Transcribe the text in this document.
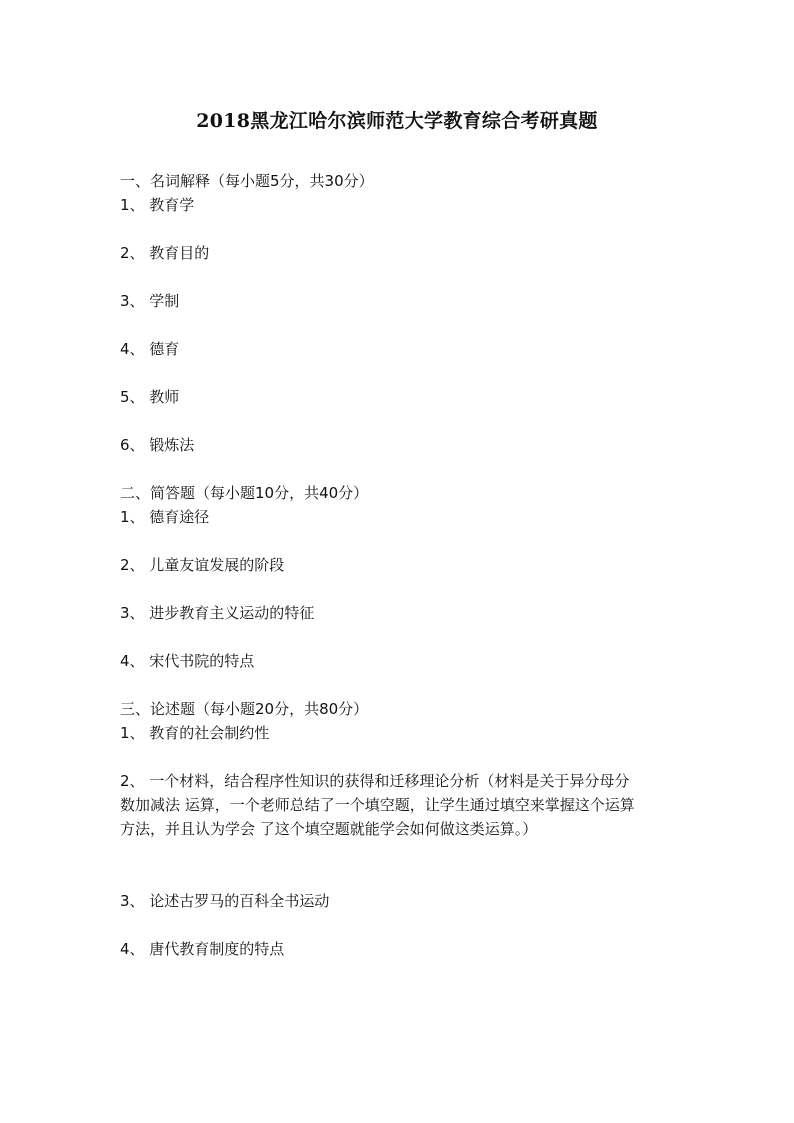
2018黑龙江哈尔滨师范大学教育综合考研真题
一、名词解释（每小题5分，共30分）
1、 教育学
2、 教育目的
3、 学制
4、 德育
5、 教师
6、 锻炼法
二、简答题（每小题10分，共40分）
1、 德育途径
2、 儿童友谊发展的阶段
3、 进步教育主义运动的特征
4、 宋代书院的特点
三、论述题（每小题20分，共80分）
1、 教育的社会制约性
2、 一个材料，结合程序性知识的获得和迁移理论分析（材料是关于异分母分
数加减法 运算，一个老师总结了一个填空题，让学生通过填空来掌握这个运算
方法，并且认为学会 了这个填空题就能学会如何做这类运算。）
3、 论述古罗马的百科全书运动
4、 唐代教育制度的特点
